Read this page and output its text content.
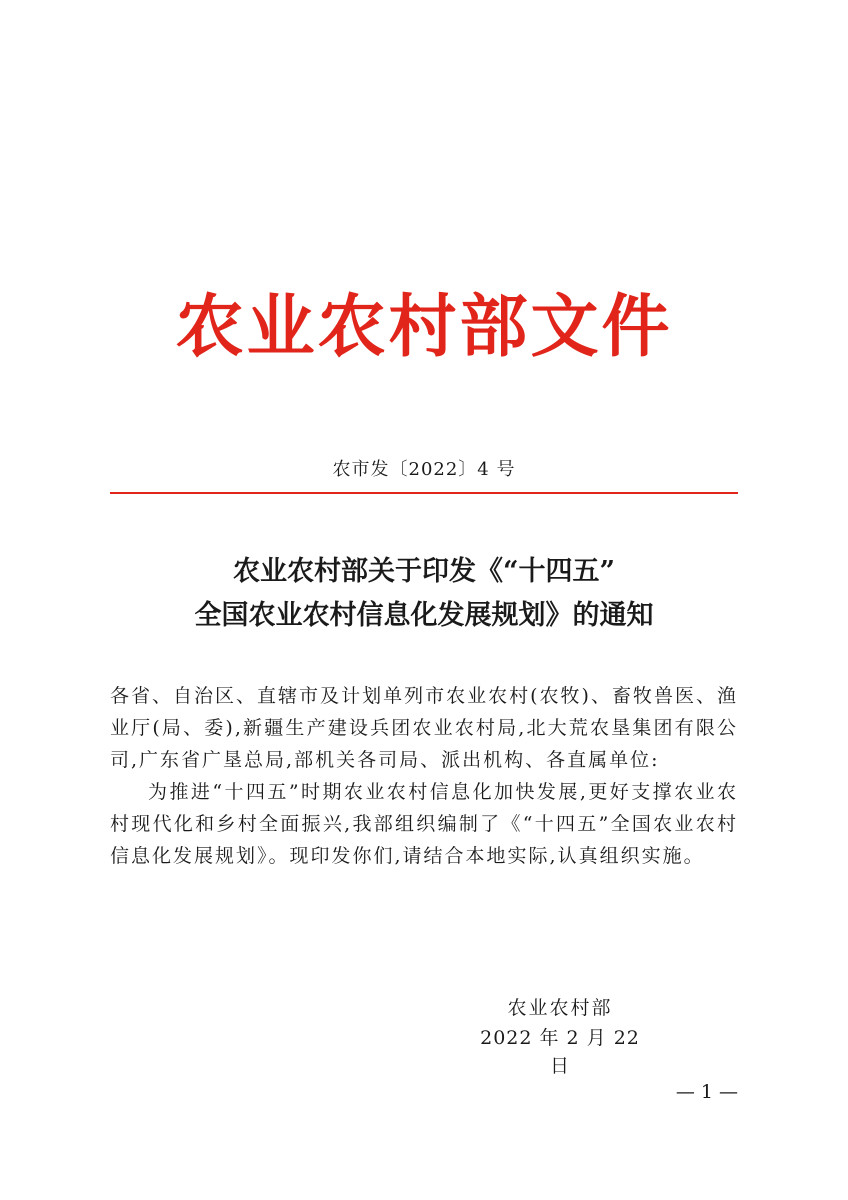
农业农村部文件
农市发〔2022〕4 号
农业农村部关于印发《“十四五”
全国农业农村信息化发展规划》的通知

各省、自治区、直辖市及计划单列市农业农村(农牧)、畜牧兽医、渔业厅(局、委),新疆生产建设兵团农业农村局,北大荒农垦集团有限公司,广东省广垦总局,部机关各司局、派出机构、各直属单位:

为推进“十四五”时期农业农村信息化加快发展,更好支撑农业农村现代化和乡村全面振兴,我部组织编制了《“十四五”全国农业农村信息化发展规划》。现印发你们,请结合本地实际,认真组织实施。

农业农村部
2022 年 2 月 22 日
— 1 —
